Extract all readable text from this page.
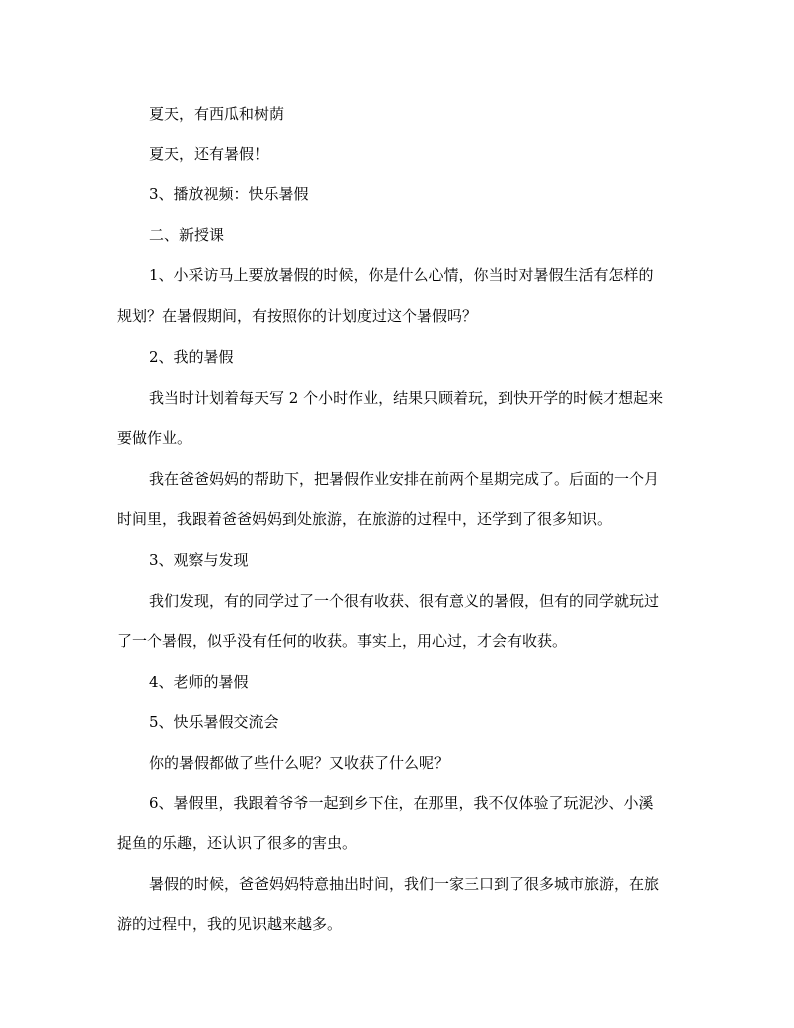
夏天，有西瓜和树荫

夏天，还有暑假！

3、播放视频：快乐暑假

二、新授课

1、小采访马上要放暑假的时候，你是什么心情，你当时对暑假生活有怎样的

规划？在暑假期间，有按照你的计划度过这个暑假吗？

2、我的暑假

我当时计划着每天写 2 个小时作业，结果只顾着玩，到快开学的时候才想起来

要做作业。

我在爸爸妈妈的帮助下，把暑假作业安排在前两个星期完成了。后面的一个月

时间里，我跟着爸爸妈妈到处旅游，在旅游的过程中，还学到了很多知识。

3、观察与发现

我们发现，有的同学过了一个很有收获、很有意义的暑假，但有的同学就玩过

了一个暑假，似乎没有任何的收获。事实上，用心过，才会有收获。

4、老师的暑假

5、快乐暑假交流会

你的暑假都做了些什么呢？又收获了什么呢？

6、暑假里，我跟着爷爷一起到乡下住，在那里，我不仅体验了玩泥沙、小溪

捉鱼的乐趣，还认识了很多的害虫。

暑假的时候，爸爸妈妈特意抽出时间，我们一家三口到了很多城市旅游，在旅

游的过程中，我的见识越来越多。
